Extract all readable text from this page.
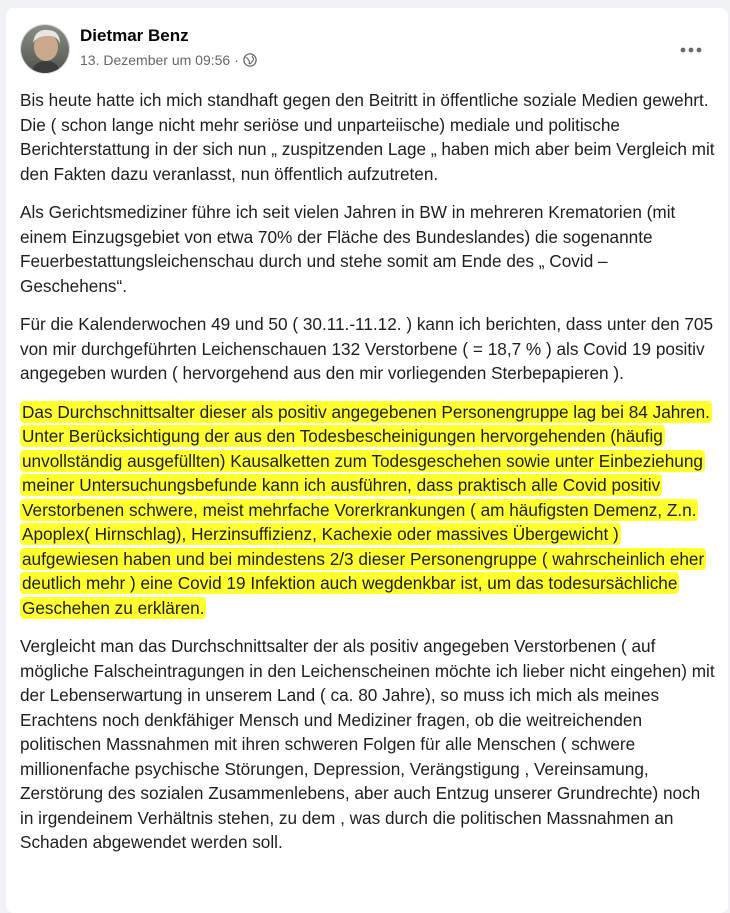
Dietmar Benz
13. Dezember um 09:56 ·

Bis heute hatte ich mich standhaft gegen den Beitritt in öffentliche soziale Medien gewehrt. Die ( schon lange nicht mehr seriöse und unparteiische) mediale und politische Berichterstattung in der sich nun „ zuspitzenden Lage „ haben mich aber beim Vergleich mit den Fakten dazu veranlasst, nun öffentlich aufzutreten.

Als Gerichtsmediziner führe ich seit vielen Jahren in BW in mehreren Krematorien (mit einem Einzugsgebiet von etwa 70% der Fläche des Bundeslandes) die sogenannte Feuerbestattungsleichenschau durch und stehe somit am Ende des „ Covid – Geschehens“.

Für die Kalenderwochen 49 und 50 ( 30.11.-11.12. ) kann ich berichten, dass unter den 705 von mir durchgeführten Leichenschauen 132 Verstorbene ( = 18,7 % ) als Covid 19 positiv angegeben wurden ( hervorgehend aus den mir vorliegenden Sterbepapieren ).

Das Durchschnittsalter dieser als positiv angegebenen Personengruppe lag bei 84 Jahren. Unter Berücksichtigung der aus den Todesbescheinigungen hervorgehenden (häufig unvollständig ausgefüllten) Kausalketten zum Todesgeschehen sowie unter Einbeziehung meiner Untersuchungsbefunde kann ich ausführen, dass praktisch alle Covid positiv Verstorbenen schwere, meist mehrfache Vorerkrankungen ( am häufigsten Demenz, Z.n. Apoplex( Hirnschlag), Herzinsuffizienz, Kachexie oder massives Übergewicht ) aufgewiesen haben und bei mindestens 2/3 dieser Personengruppe ( wahrscheinlich eher deutlich mehr ) eine Covid 19 Infektion auch wegdenkbar ist, um das todesursächliche Geschehen zu erklären.

Vergleicht man das Durchschnittsalter der als positiv angegeben Verstorbenen ( auf mögliche Falscheintragungen in den Leichenscheinen möchte ich lieber nicht eingehen) mit der Lebenserwartung in unserem Land ( ca. 80 Jahre), so muss ich mich als meines Erachtens noch denkfähiger Mensch und Mediziner fragen, ob die weitreichenden politischen Massnahmen mit ihren schweren Folgen für alle Menschen ( schwere millionenfache psychische Störungen, Depression, Verängstigung , Vereinsamung, Zerstörung des sozialen Zusammenlebens, aber auch Entzug unserer Grundrechte) noch in irgendeinem Verhältnis stehen, zu dem , was durch die politischen Massnahmen an Schaden abgewendet werden soll.
